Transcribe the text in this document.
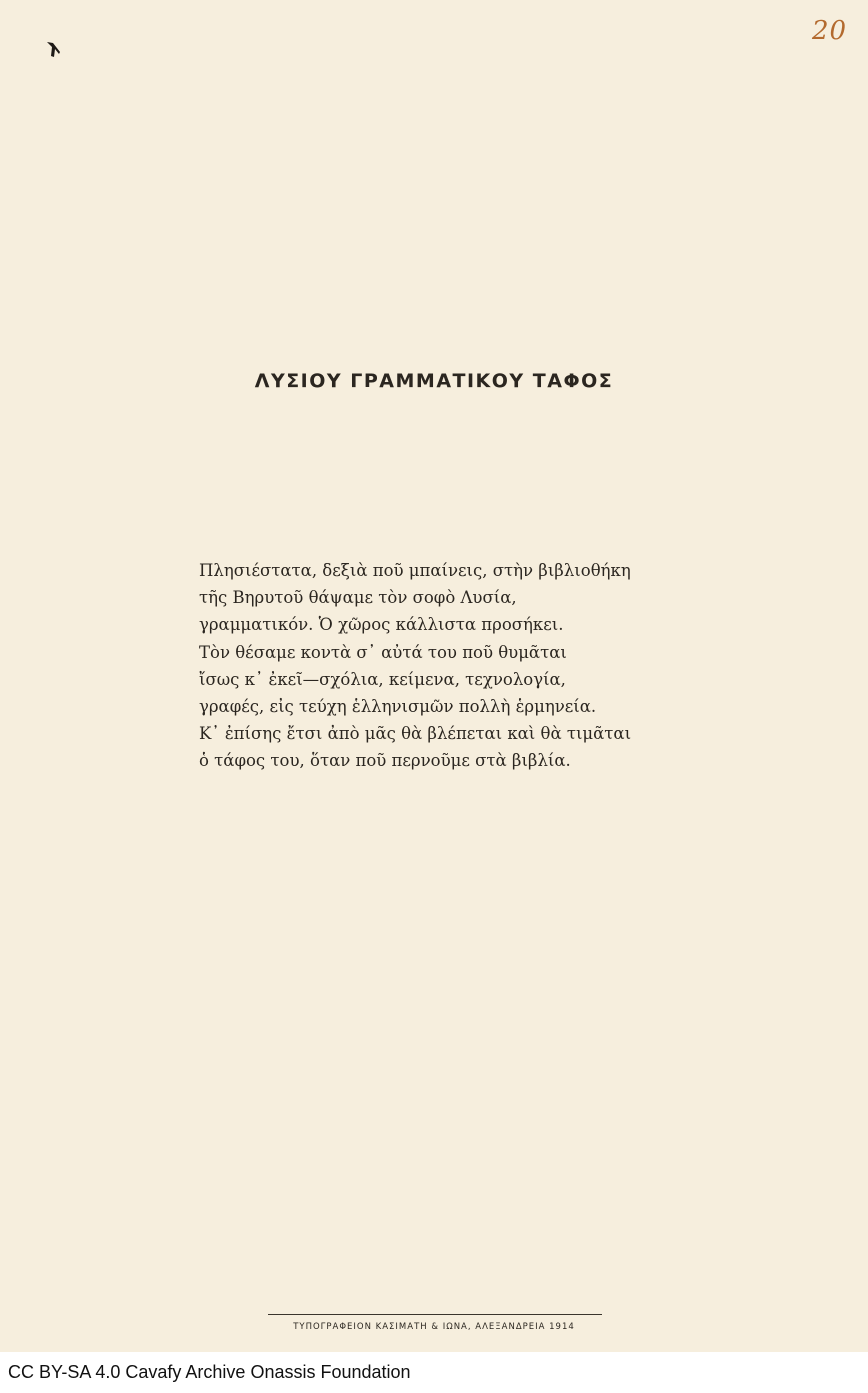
20
ΛΥΣΙΟΥ ΓΡΑΜΜΑΤΙΚΟΥ ΤΑΦΟΣ
Πλησιέστατα, δεξιὰ ποῦ μπαίνεις, στὴν βιβλιοθήκη
τῆς Βηρυτοῦ θάψαμε τὸν σοφὸ Λυσία,
γραμματικόν. Ὁ χῶρος κάλλιστα προσήκει.
Τὸν θέσαμε κοντὰ σ᾽ αὐτά του ποῦ θυμᾶται
ἴσως κ᾽ ἐκεῖ—σχόλια, κείμενα, τεχνολογία,
γραφές, εἰς τεύχη ἑλληνισμῶν πολλὴ ἑρμηνεία.
Κ᾽ ἐπίσης ἔτσι ἀπὸ μᾶς θὰ βλέπεται καὶ θὰ τιμᾶται
ὁ τάφος του, ὅταν ποῦ περνοῦμε στὰ βιβλία.
ΤΥΠΟΓΡΑΦΕΙΟΝ ΚΑΣΙΜΑΤΗ & ΙΩΝΑ, ΑΛΕΞΑΝΔΡΕΙΑ 1914
CC BY-SA 4.0 Cavafy Archive Onassis Foundation
